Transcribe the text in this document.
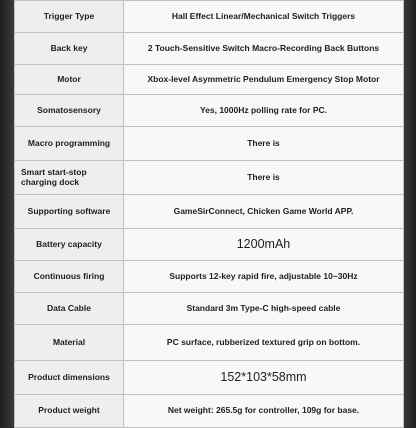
Trigger Type	Hall Effect Linear/Mechanical Switch Triggers
Back key	2 Touch-Sensitive Switch Macro-Recording Back Buttons
Motor	Xbox-level Asymmetric Pendulum Emergency Stop Motor
Somatosensory	Yes, 1000Hz polling rate for PC.
Macro programming	There is
Smart start-stop charging dock	There is
Supporting software	GameSirConnect, Chicken Game World APP.
Battery capacity	1200mAh
Continuous firing	Supports 12-key rapid fire, adjustable 10~30Hz
Data Cable	Standard 3m Type-C high-speed cable
Material	PC surface, rubberized textured grip on bottom.
Product dimensions	152*103*58mm
Product weight	Net weight: 265.5g for controller, 109g for base.
